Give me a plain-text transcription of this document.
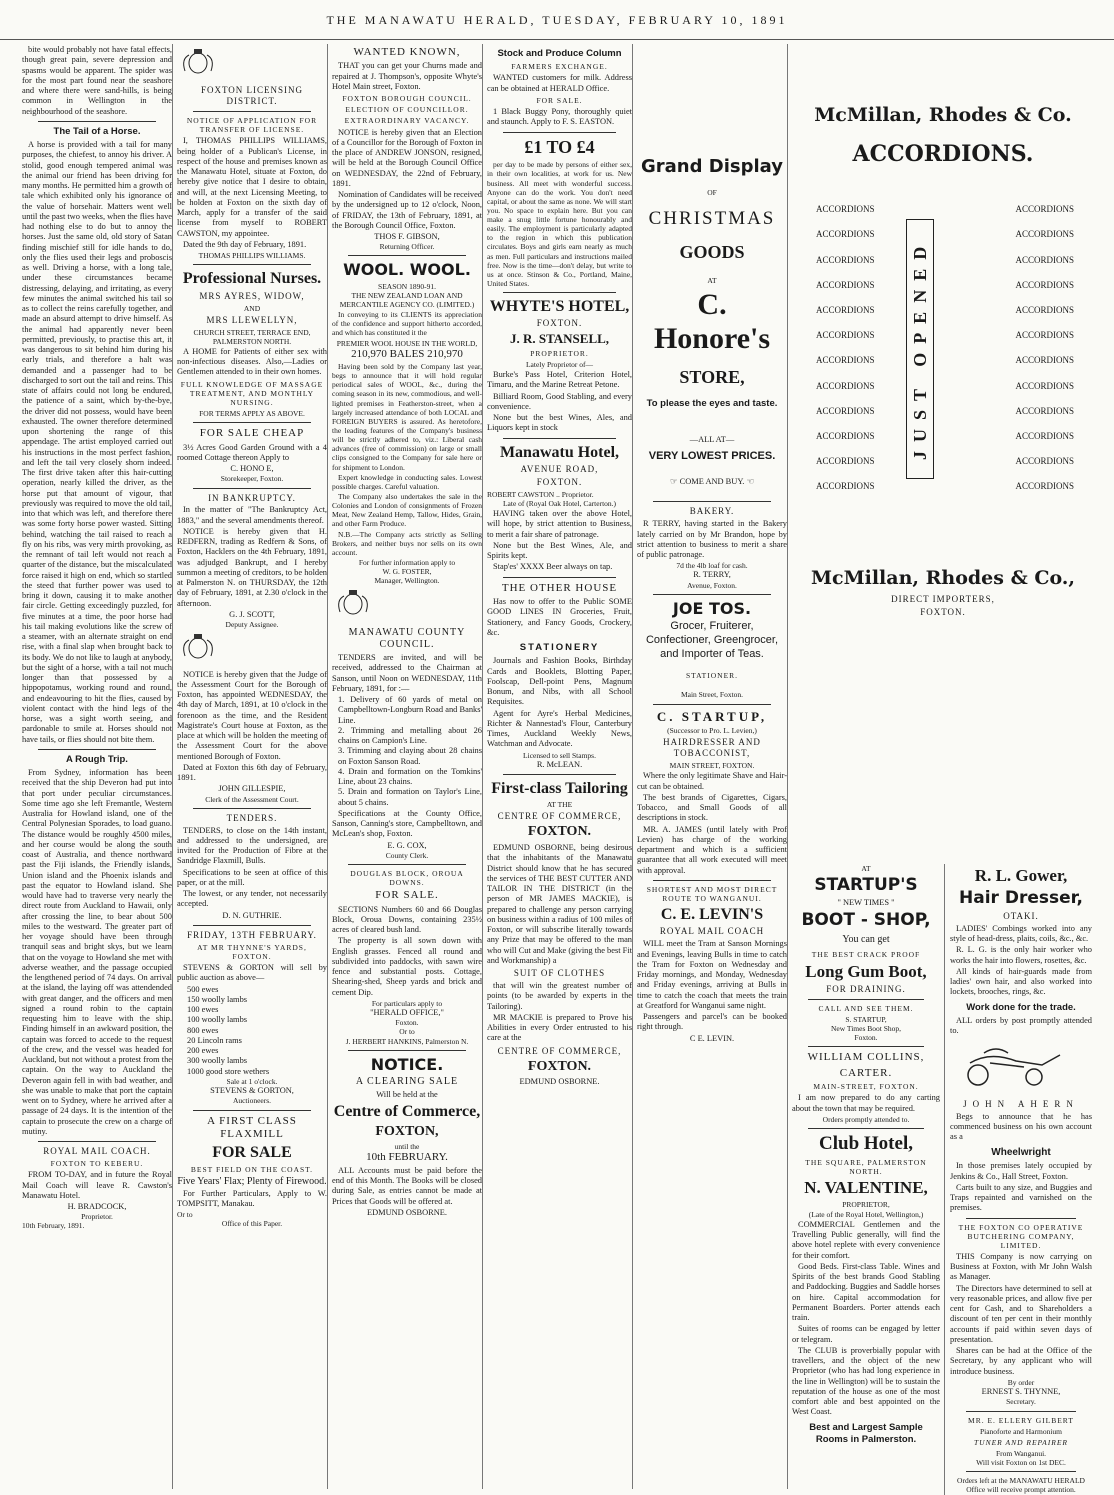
THE MANAWATU HERALD, TUESDAY, FEBRUARY 10, 1891

bite would probably not have fatal effects, though great pain, severe depression and spasms would be apparent. The spider was for the most part found near the seashore and where there were sand-hills, is being common in Wellington in the neighbourhood of the seashore.

The Tail of a Horse.

A horse is provided with a tail for many purposes, the chiefest, to annoy his driver. A stolid, good enough tempered animal was the animal our friend has been driving for many months. He permitted him a growth of tale which exhibited only his ignorance of the value of horsehair. Matters went well until the past two weeks, when the flies have had nothing else to do but to annoy the horses. Just the same old, old story of Satan finding mischief still for idle hands to do, only the flies used their legs and proboscis as well. Driving a horse, with a long tale, under these circumstances became distressing, delaying, and irritating, as every few minutes the animal switched his tail so as to collect the reins carefully together, and made an absurd attempt to drive himself. As the animal had apparently never been permitted, previously, to practise this art, it was dangerous to sit behind him during his early trials, and therefore a halt was demanded and a passenger had to be discharged to sort out the tail and reins. This state of affairs could not long be endured, the patience of a saint, which by-the-bye, the driver did not possess, would have been exhausted. The owner therefore determined upon shortening the range of this appendage. The artist employed carried out his instructions in the most perfect fashion, and left the tail very closely shorn indeed. The first drive taken after this hair-cutting operation, nearly killed the driver, as the horse put that amount of vigour, that previously was required to move the old tail, into that which was left, and therefore there was some forty horse power wasted. Sitting behind, watching the tail raised to reach a fly on his ribs, was very mirth provoking, as the remnant of tail left would not reach a quarter of the distance, but the miscalculated force raised it high on end, which so startled the steed that further power was used to bring it down, causing it to make another fair circle. Getting exceedingly puzzled, for five minutes at a time, the poor horse had his tail making evolutions like the screw of a steamer, with an alternate straight on end rise, with a final slap when brought back to its body. We do not like to laugh at anybody, but the sight of a horse, with a tail not much longer than that possessed by a hippopotamus, working round and round, and endeavouring to hit the flies, caused by violent contact with the hind legs of the horse, was a sight worth seeing, and pardonable to smile at. Horses should not have tails, or flies should not bite them.

A Rough Trip.

From Sydney, information has been received that the ship Deveron had put into that port under peculiar circumstances. Some time ago she left Fremantle, Western Australia for Howland island, one of the Central Polynesian Sporades, to load guano. The distance would be roughly 4500 miles, and her course would be along the south coast of Australia, and thence northward past the Fiji islands, the Friendly islands, Union island and the Phoenix islands and past the equator to Howland island. She would have had to traverse very nearly the direct route from Auckland to Hawaii, only after crossing the line, to bear about 500 miles to the westward. The greater part of her voyage should have been through tranquil seas and bright skys, but we learn that on the voyage to Howland she met with adverse weather, and the passage occupied the lengthened period of 74 days. On arrival at the island, the laying off was attendended with great danger, and the officers and men signed a round robin to the captain requesting him to leave with the ship. Finding himself in an awkward position, the captain was forced to accede to the request of the crew, and the vessel was headed for Auckland, but not without a protest from the captain. On the way to Auckland the Deveron again fell in with bad weather, and she was unable to make that port the captain went on to Sydney, where he arrived after a passage of 24 days. It is the intention of the captain to prosecute the crew on a charge of mutiny.

ROYAL MAIL COACH.
FOXTON TO KEBERU.

FROM TO-DAY, and in future the Royal Mail Coach will leave R. Cawston's Manawatu Hotel.

H. BRADCOCK,
Proprietor.
10th February, 1891.
FOXTON LICENSING DISTRICT.
NOTICE OF APPLICATION FOR TRANSFER OF LICENSE.

I, THOMAS PHILLIPS WILLIAMS, being holder of a Publican's License, in respect of the house and premises known as the Manawatu Hotel, situate at Foxton, do hereby give notice that I desire to obtain, and will, at the next Licensing Meeting, to be holden at Foxton on the sixth day of March, apply for a transfer of the said license from myself to ROBERT CAWSTON, my appointee.

Dated the 9th day of February, 1891.

THOMAS PHILLIPS WILLIAMS.
Professional Nurses.
MRS AYRES, WIDOW,
AND
MRS LLEWELLYN,
CHURCH STREET, TERRACE END, PALMERSTON NORTH.

A HOME for Patients of either sex with non-infectious diseases. Also,—Ladies or Gentlemen attended to in their own homes.

FULL KNOWLEDGE OF MASSAGE TREATMENT, AND MONTHLY NURSING.
FOR TERMS APPLY AS ABOVE.
FOR SALE CHEAP

3½ Acres Good Garden Ground with a 4 roomed Cottage thereon Apply to

C. HONO E,
Storekeeper, Foxton.
IN BANKRUPTCY.

In the matter of "The Bankruptcy Act, 1883," and the several amendments thereof.

NOTICE is hereby given that H. REDFERN, trading as Redfern & Sons, of Foxton, Hacklers on the 4th February, 1891, was adjudged Bankrupt, and I hereby summon a meeting of creditors, to be holden at Palmerston N. on THURSDAY, the 12th day of February, 1891, at 2.30 o'clock in the afternoon.

G. J. SCOTT,
Deputy Assignee.

NOTICE is hereby given that the Judge of the Assessment Court for the Borough of Foxton, has appointed WEDNESDAY, the 4th day of March, 1891, at 10 o'clock in the forenoon as the time, and the Resident Magistrate's Court house at Foxton, as the place at which will be holden the meeting of the Assessment Court for the above mentioned Borough of Foxton.

Dated at Foxton this 6th day of February, 1891.

JOHN GILLESPIE,
Clerk of the Assessment Court.
TENDERS.

TENDERS, to close on the 14th instant, and addressed to the undersigned, are invited for the Production of Fibre at the Sandridge Flaxmill, Bulls.

Specifications to be seen at office of this paper, or at the mill.

The lowest, or any tender, not necessarily accepted.

D. N. GUTHRIE.
FRIDAY, 13TH FEBRUARY.
AT MR THYNNE'S YARDS, FOXTON.

STEVENS & GORTON will sell by public auction as above—

500 ewes
150 woolly lambs
100 ewes
100 woolly lambs
800 ewes
20 Lincoln rams
200 ewes
300 woolly lambs
1000 good store wethers
Sale at 1 o'clock.
STEVENS & GORTON,
Auctioneers.
A FIRST CLASS FLAXMILL
FOR SALE
BEST FIELD ON THE COAST.
Five Years' Flax; Plenty of Firewood.

For Further Particulars, Apply to W. TOMPSITT, Manakau.

Or to
Office of this Paper.
WANTED KNOWN,

THAT you can get your Churns made and repaired at J. Thompson's, opposite Whyte's Hotel Main street, Foxton.

FOXTON BOROUGH COUNCIL.
ELECTION OF COUNCILLOR.
EXTRAORDINARY VACANCY.

NOTICE is hereby given that an Election of a Councillor for the Borough of Foxton in the place of ANDREW JONSON, resigned, will be held at the Borough Council Office on WEDNESDAY, the 22nd of February, 1891.

Nomination of Candidates will be received by the undersigned up to 12 o'clock, Noon, of FRIDAY, the 13th of February, 1891, at the Borough Council Office, Foxton.

THOS F. GIBSON,
Returning Officer.
WOOL. WOOL.
SEASON 1890-91.
THE NEW ZEALAND LOAN AND MERCANTILE AGENCY CO. (LIMITED.)

In conveying to its CLIENTS its appreciation of the confidence and support hitherto accorded, and which has constituted it the

PREMIER WOOL HOUSE IN THE WORLD,
210,970 BALES 210,970

Having been sold by the Company last year, begs to announce that it will hold regular periodical sales of WOOL, &c., during the coming season in its new, commodious, and well-lighted premises in Featherston-street, when a largely increased attendance of both LOCAL and FOREIGN BUYERS is assured. As heretofore, the leading features of the Company's business will be strictly adhered to, viz.: Liberal cash advances (free of commission) on large or small clips consigned to the Company for sale here or for shipment to London.

Expert knowledge in conducting sales. Lowest possible charges. Careful valuation.

The Company also undertakes the sale in the Colonies and London of consignments of Frozen Meat, New Zealand Hemp, Tallow, Hides, Grain, and other Farm Produce.

N.B.—The Company acts strictly as Selling Brokers, and neither buys nor sells on its own account.

For further information apply to
W. G. FOSTER,
Manager, Wellington.
MANAWATU COUNTY COUNCIL.

TENDERS are invited, and will be received, addressed to the Chairman at Sanson, until Noon on WEDNESDAY, 11th February, 1891, for :—

1. Delivery of 60 yards of metal on Campbelltown-Longburn Road and Banks' Line.
2. Trimming and metalling about 26 chains on Campion's Line.
3. Trimming and claying about 28 chains on Foxton Sanson Road.
4. Drain and formation on the Tomkins' Line, about 23 chains.
5. Drain and formation on Taylor's Line, about 5 chains.

Specifications at the County Office, Sanson, Canning's store, Campbelltown, and McLean's shop, Foxton.

E. G. COX,
County Clerk.
DOUGLAS BLOCK, OROUA DOWNS.
FOR SALE.

SECTIONS Numbers 60 and 66 Douglas Block, Oroua Downs, containing 235½ acres of cleared bush land.

The property is all sown down with English grasses. Fenced all round and subdivided into paddocks, with sawn wire fence and substantial posts. Cottage, Shearing-shed, Sheep yards and brick and cement Dip.

For particulars apply to
"HERALD OFFICE,"
Foxton.
Or to
J. HERBERT HANKINS, Palmerston N.
NOTICE.
A CLEARING SALE
Will be held at the
Centre of Commerce,
FOXTON,
until the
10th FEBRUARY.

ALL Accounts must be paid before the end of this Month. The Books will be closed during Sale, as entries cannot be made at Prices that Goods will be offered at.

EDMUND OSBORNE.
Stock and Produce Column
FARMERS EXCHANGE.

WANTED customers for milk. Address can be obtained at HERALD Office.

FOR SALE.

1 Black Buggy Pony, thoroughly quiet and staunch. Apply to F. S. EASTON.

£1 TO £4

per day to be made by persons of either sex, in their own localities, at work for us. New business. All meet with wonderful success. Anyone can do the work. You don't need capital, or about the same as none. We will start you. No space to explain here. But you can make a snug little fortune honourably and easily. The employment is particularly adapted to the region in which this publication circulates. Boys and girls earn nearly as much as men. Full particulars and instructions mailed free. Now is the time—don't delay, but write to us at once. Stinson & Co., Portland, Maine, United States.

WHYTE'S HOTEL,
FOXTON.
J. R. STANSELL,
PROPRIETOR.
Lately Proprietor of—

Burke's Pass Hotel, Criterion Hotel, Timaru, and the Marine Retreat Petone.

Billiard Room, Good Stabling, and every convenience.

None but the best Wines, Ales, and Liquors kept in stock

Manawatu Hotel,
AVENUE ROAD,
FOXTON.
ROBERT CAWSTON .. Proprietor.
Late of (Royal Oak Hotel, Carterton.)

HAVING taken over the above Hotel, will hope, by strict attention to Business, to merit a fair share of patronage.

None but the Best Wines, Ale, and Spirits kept.

Stap'es' XXXX Beer always on tap.

THE OTHER HOUSE

Has now to offer to the Public SOME GOOD LINES IN Groceries, Fruit, Stationery, and Fancy Goods, Crockery, &c.

STATIONERY

Journals and Fashion Books, Birthday Cards and Booklets, Blotting Paper, Foolscap, Dell-point Pens, Magnum Bonum, and Nibs, with all School Requisites.

Agent for Ayre's Herbal Medicines, Richter & Nannestad's Flour, Canterbury Times, Auckland Weekly News, Watchman and Advocate.

Licensed to sell Stamps.
R. McLEAN.
First-class Tailoring
AT THE
CENTRE OF COMMERCE,
FOXTON.

EDMUND OSBORNE, being desirous that the inhabitants of the Manawatu District should know that he has secured the services of THE BEST CUTTER AND TAILOR IN THE DISTRICT (in the person of MR JAMES MACKIE), is prepared to challenge any person carrying on business within a radius of 100 miles of Foxton, or will subscribe literally towards any Prize that may be offered to the man who will Cut and Make (giving the best Fit and Workmanship) a

SUIT OF CLOTHES

that will win the greatest number of points (to be awarded by experts in the Tailoring).

MR MACKIE is prepared to Prove his Abilities in every Order entrusted to his care at the

CENTRE OF COMMERCE,
FOXTON.
EDMUND OSBORNE.
Grand Display
OF
CHRISTMAS
GOODS
AT
C. Honore's
STORE,
To please the eyes and taste.
—ALL AT—
VERY LOWEST PRICES.
☞ COME AND BUY. ☜
BAKERY.

R TERRY, having started in the Bakery lately carried on by Mr Brandon, hope by strict attention to business to merit a share of public patronage.

7d the 4lb loaf for cash.
R. TERRY,
Avenue, Foxton.
JOE TOS.
Grocer, Fruiterer, Confectioner, Greengrocer, and Importer of Teas.
STATIONER.
Main Street, Foxton.
C. STARTUP,
(Successor to Pro. L. Levien,)
HAIRDRESSER AND TOBACCONIST,
MAIN STREET, FOXTON.

Where the only legitimate Shave and Hair-cut can be obtained.

The best brands of Cigarettes, Cigars, Tobacco, and Small Goods of all descriptions in stock.

MR. A. JAMES (until lately with Prof Levien) has charge of the working department and which is a sufficient guarantee that all work executed will meet with approval.

SHORTEST AND MOST DIRECT ROUTE TO WANGANUI.
C. E. LEVIN'S
ROYAL MAIL COACH

WILL meet the Tram at Sanson Mornings and Evenings, leaving Bulls in time to catch the Tram for Foxton on Wednesday and Friday mornings, and Monday, Wednesday and Friday evenings, arriving at Bulls in time to catch the coach that meets the train at Greatford for Wanganui same night.

Passengers and parcel's can be booked right through.

C E. LEVIN.
McMillan, Rhodes & Co.
ACCORDIONS.
ACCORDIONS
ACCORDIONS
ACCORDIONS
ACCORDIONS
ACCORDIONS
ACCORDIONS
ACCORDIONS
ACCORDIONS
ACCORDIONS
ACCORDIONS
ACCORDIONS
ACCORDIONS
JUST OPENED
ACCORDIONS
ACCORDIONS
ACCORDIONS
ACCORDIONS
ACCORDIONS
ACCORDIONS
ACCORDIONS
ACCORDIONS
ACCORDIONS
ACCORDIONS
ACCORDIONS
ACCORDIONS
McMillan, Rhodes & Co.,
DIRECT IMPORTERS,
FOXTON.
AT
STARTUP'S
" NEW TIMES "
BOOT - SHOP,
You can get
THE BEST CRACK PROOF
Long Gum Boot,
FOR DRAINING.
CALL AND SEE THEM.
S. STARTUP,
New Times Boot Shop,
Foxton.
WILLIAM COLLINS,
CARTER.
MAIN-STREET, FOXTON.

I am now prepared to do any carting about the town that may be required.

Orders promptly attended to.
Club Hotel,
THE SQUARE, PALMERSTON NORTH.
N. VALENTINE,
PROPRIETOR,
(Late of the Royal Hotel, Wellington,)

COMMERCIAL Gentlemen and the Travelling Public generally, will find the above hotel replete with every convenience for their comfort.

Good Beds. First-class Table. Wines and Spirits of the best brands Good Stabling and Paddocking. Buggies and Saddle horses on hire. Capital accommodation for Permanent Boarders. Porter attends each train.

Suites of rooms can be engaged by letter or telegram.

The CLUB is proverbially popular with travellers, and the object of the new Proprietor (who has had long experience in the line in Wellington) will be to sustain the reputation of the house as one of the most comfort able and best appointed on the West Coast.

Best and Largest Sample Rooms in Palmerston.
R. L. Gower,
Hair Dresser,
OTAKI.

LADIES' Combings worked into any style of head-dress, plaits, coils, &c., &c.

R. L. G. is the only hair worker who works the hair into flowers, rosettes, &c.

All kinds of hair-guards made from ladies' own hair, and also worked into lockets, brooches, rings, &c.

Work done for the trade.

ALL orders by post promptly attended to.

JOHN AHERN

Begs to announce that he has commenced business on his own account as a

Wheelwright

In those premises lately occupied by Jenkins & Co., Hall Street, Foxton.

Carts built to any size, and Buggies and Traps repainted and varnished on the premises.

THE FOXTON CO OPERATIVE BUTCHERING COMPANY, LIMITED.

THIS Company is now carrying on Business at Foxton, with Mr John Walsh as Manager.

The Directors have determined to sell at very reasonable prices, and allow five per cent for Cash, and to Shareholders a discount of ten per cent in their monthly accounts if paid within seven days of presentation.

Shares can be had at the Office of the Secretary, by any applicant who will introduce business.

By order
ERNEST S. THYNNE,
Secretary.
MR. E. ELLERY GILBERT
Pianoforte and Harmonium
TUNER AND REPAIRER
From Wanganui.
Will visit Foxton on 1st DEC.
Orders left at the MANAWATU HERALD Office will receive prompt attention.
